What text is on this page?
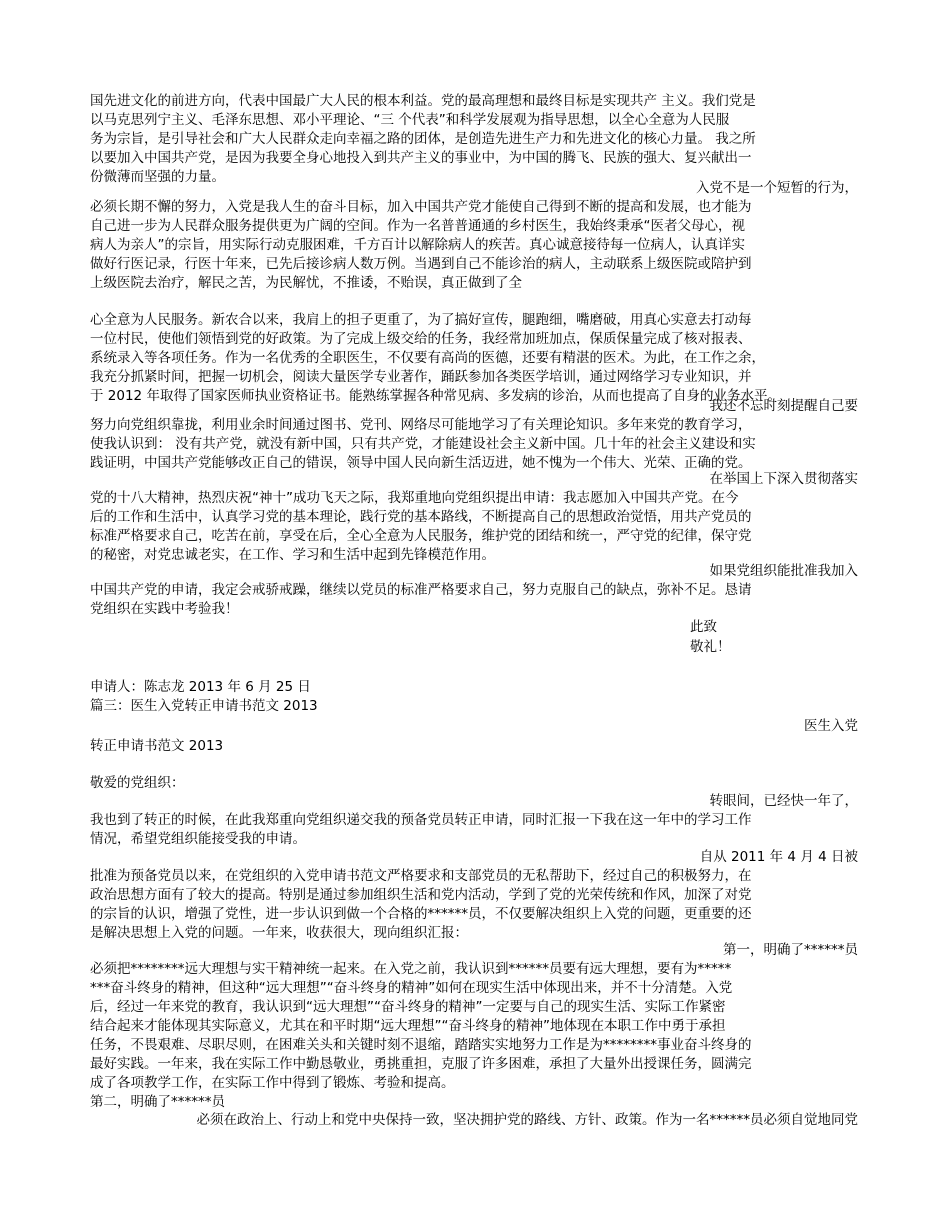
国先进文化的前进方向，代表中国最广大人民的根本利益。党的最高理想和最终目标是实现共产 主义。我们党是
以马克思列宁主义、毛泽东思想、邓小平理论、“三 个代表”和科学发展观为指导思想，以全心全意为人民服
务为宗旨，是引导社会和广大人民群众走向幸福之路的团体，是创造先进生产力和先进文化的核心力量。 我之所
以要加入中国共产党，是因为我要全身心地投入到共产主义的事业中，为中国的腾飞、民族的强大、复兴献出一
份微薄而坚强的力量。
入党不是一个短暂的行为，
必须长期不懈的努力，入党是我人生的奋斗目标，加入中国共产党才能使自己得到不断的提高和发展，也才能为
自己进一步为人民群众服务提供更为广阔的空间。作为一名普普通通的乡村医生，我始终秉承“医者父母心，视
病人为亲人”的宗旨，用实际行动克服困难，千方百计以解除病人的疾苦。真心诚意接待每一位病人，认真详实
做好行医记录，行医十年来，已先后接诊病人数万例。当遇到自己不能诊治的病人，主动联系上级医院或陪护到
上级医院去治疗，解民之苦，为民解忧，不推诿，不贻误，真正做到了全
心全意为人民服务。新农合以来，我肩上的担子更重了，为了搞好宣传，腿跑细，嘴磨破，用真心实意去打动每
一位村民，使他们领悟到党的好政策。为了完成上级交给的任务，我经常加班加点，保质保量完成了核对报表、
系统录入等各项任务。作为一名优秀的全职医生，不仅要有高尚的医德，还要有精湛的医术。为此，在工作之余，
我充分抓紧时间，把握一切机会，阅读大量医学专业著作，踊跃参加各类医学培训，通过网络学习专业知识，并
于 2012 年取得了国家医师执业资格证书。能熟练掌握各种常见病、多发病的诊治，从而也提高了自身的业务水平。
我还不忘时刻提醒自己要
努力向党组织靠拢，利用业余时间通过图书、党刊、网络尽可能地学习了有关理论知识。多年来党的教育学习，
使我认识到： 没有共产党，就没有新中国，只有共产党，才能建设社会主义新中国。几十年的社会主义建设和实
践证明，中国共产党能够改正自己的错误，领导中国人民向新生活迈进，她不愧为一个伟大、光荣、正确的党。
在举国上下深入贯彻落实
党的十八大精神，热烈庆祝“神十”成功飞天之际，我郑重地向党组织提出申请：我志愿加入中国共产党。在今
后的工作和生活中，认真学习党的基本理论，践行党的基本路线，不断提高自己的思想政治觉悟，用共产党员的
标准严格要求自己，吃苦在前，享受在后，全心全意为人民服务，维护党的团结和统一，严守党的纪律，保守党
的秘密，对党忠诚老实，在工作、学习和生活中起到先锋模范作用。
如果党组织能批准我加入
中国共产党的申请，我定会戒骄戒躁，继续以党员的标准严格要求自己，努力克服自己的缺点，弥补不足。恳请
党组织在实践中考验我！
此致
敬礼！
申请人：陈志龙 2013 年 6 月 25 日
篇三：医生入党转正申请书范文 2013
医生入党
转正申请书范文 2013
敬爱的党组织：
转眼间，已经快一年了，
我也到了转正的时候，在此我郑重向党组织递交我的预备党员转正申请，同时汇报一下我在这一年中的学习工作
情况，希望党组织能接受我的申请。
自从 2011 年 4 月 4 日被
批准为预备党员以来，在党组织的入党申请书范文严格要求和支部党员的无私帮助下，经过自己的积极努力，在
政治思想方面有了较大的提高。特别是通过参加组织生活和党内活动，学到了党的光荣传统和作风，加深了对党
的宗旨的认识，增强了党性，进一步认识到做一个合格的******员，不仅要解决组织上入党的问题，更重要的还
是解决思想上入党的问题。一年来，收获很大，现向组织汇报：
第一，明确了******员
必须把********远大理想与实干精神统一起来。在入党之前，我认识到******员要有远大理想，要有为*****
***奋斗终身的精神，但这种“远大理想”“奋斗终身的精神”如何在现实生活中体现出来，并不十分清楚。入党
后，经过一年来党的教育，我认识到“远大理想”“奋斗终身的精神”一定要与自己的现实生活、实际工作紧密
结合起来才能体现其实际意义，尤其在和平时期“远大理想”“奋斗终身的精神”地体现在本职工作中勇于承担
任务，不畏艰难、尽职尽则，在困难关头和关键时刻不退缩，踏踏实实地努力工作是为********事业奋斗终身的
最好实践。一年来，我在实际工作中勤恳敬业，勇挑重担，克服了许多困难，承担了大量外出授课任务，圆满完
成了各项教学工作，在实际工作中得到了锻炼、考验和提高。
第二，明确了******员
必须在政治上、行动上和党中央保持一致，坚决拥护党的路线、方针、政策。作为一名******员必须自觉地同党
